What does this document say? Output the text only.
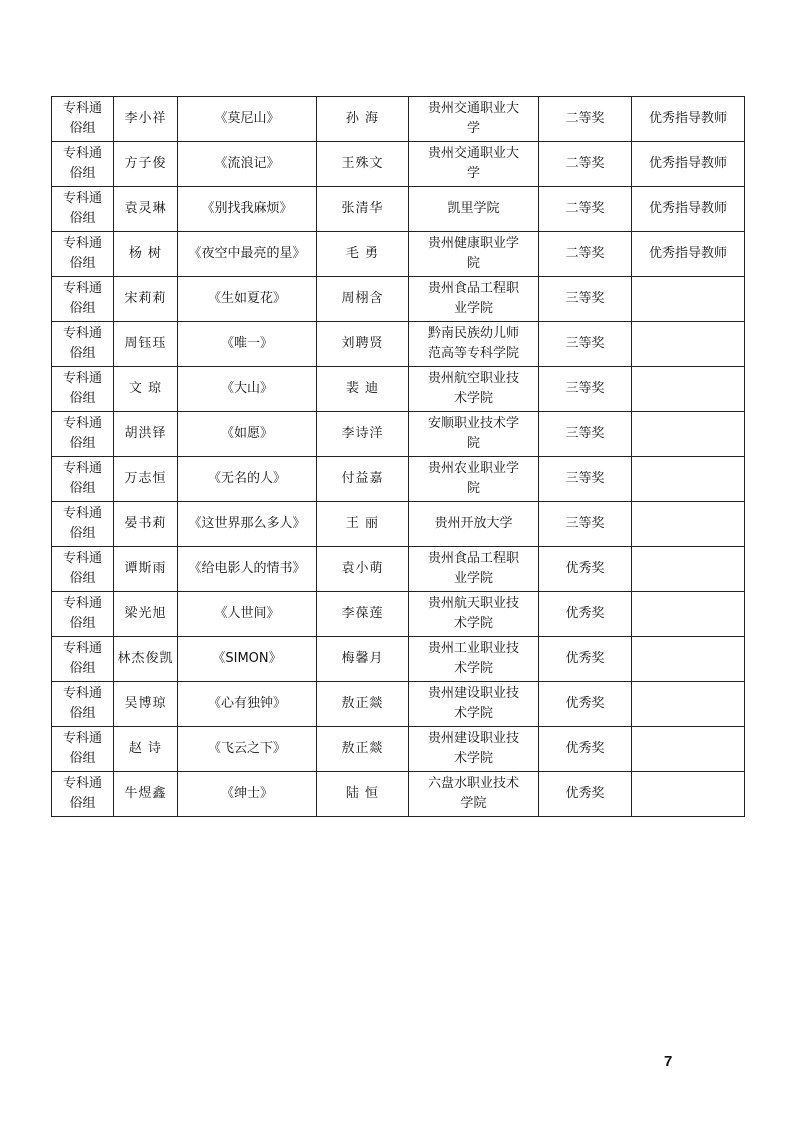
专科通俗组	李小祥	《莫尼山》	孙 海	贵州交通职业大学	二等奖	优秀指导教师
专科通俗组	方子俊	《流浪记》	王殊文	贵州交通职业大学	二等奖	优秀指导教师
专科通俗组	袁灵琳	《别找我麻烦》	张清华	凯里学院	二等奖	优秀指导教师
专科通俗组	杨 树	《夜空中最亮的星》	毛 勇	贵州健康职业学院	二等奖	优秀指导教师
专科通俗组	宋莉莉	《生如夏花》	周栩含	贵州食品工程职业学院	三等奖	
专科通俗组	周钰珏	《唯一》	刘聘贤	黔南民族幼儿师范高等专科学院	三等奖	
专科通俗组	文 琼	《大山》	裴 迪	贵州航空职业技术学院	三等奖	
专科通俗组	胡洪铎	《如愿》	李诗洋	安顺职业技术学院	三等奖	
专科通俗组	万志恒	《无名的人》	付益嘉	贵州农业职业学院	三等奖	
专科通俗组	晏书莉	《这世界那么多人》	王 丽	贵州开放大学	三等奖	
专科通俗组	谭斯雨	《给电影人的情书》	袁小萌	贵州食品工程职业学院	优秀奖	
专科通俗组	梁光旭	《人世间》	李葆莲	贵州航天职业技术学院	优秀奖	
专科通俗组	林杰俊凯	《SIMON》	梅馨月	贵州工业职业技术学院	优秀奖	
专科通俗组	吴博琼	《心有独钟》	敖正燚	贵州建设职业技术学院	优秀奖	
专科通俗组	赵 诗	《飞云之下》	敖正燚	贵州建设职业技术学院	优秀奖	
专科通俗组	牛煜鑫	《绅士》	陆 恒	六盘水职业技术学院	优秀奖	
7
